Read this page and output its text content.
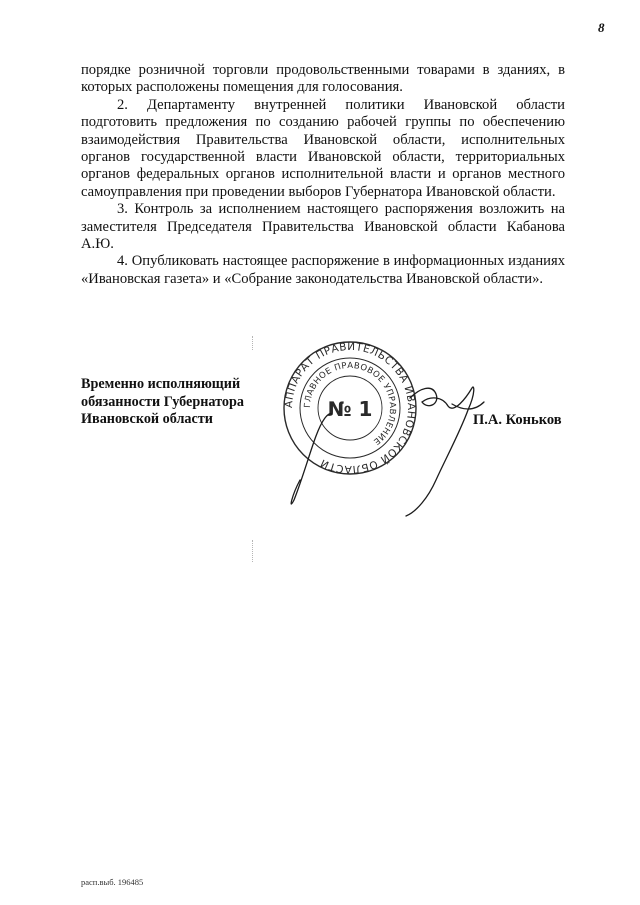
8

порядке розничной торговли продовольственными товарами в зданиях, в которых расположены помещения для голосования.

2. Департаменту внутренней политики Ивановской области подготовить предложения по созданию рабочей группы по обеспечению взаимодействия Правительства Ивановской области, исполнительных органов государственной власти Ивановской области, территориальных органов федеральных органов исполнительной власти и органов местного самоуправления при проведении выборов Губернатора Ивановской области.

3. Контроль за исполнением настоящего распоряжения возложить на заместителя Председателя Правительства Ивановской области Кабанова А.Ю.

4. Опубликовать настоящее распоряжение в информационных изданиях «Ивановская газета» и «Собрание законодательства Ивановской области».

Временно исполняющий
обязанности Губернатора
Ивановской области
АППАРАТ ПРАВИТЕЛЬСТВА ИВАНОВСКОЙ ОБЛАСТИ
ГЛАВНОЕ ПРАВОВОЕ УПРАВЛЕНИЕ
№ 1	П.А. Коньков
расп.выб. 196485
